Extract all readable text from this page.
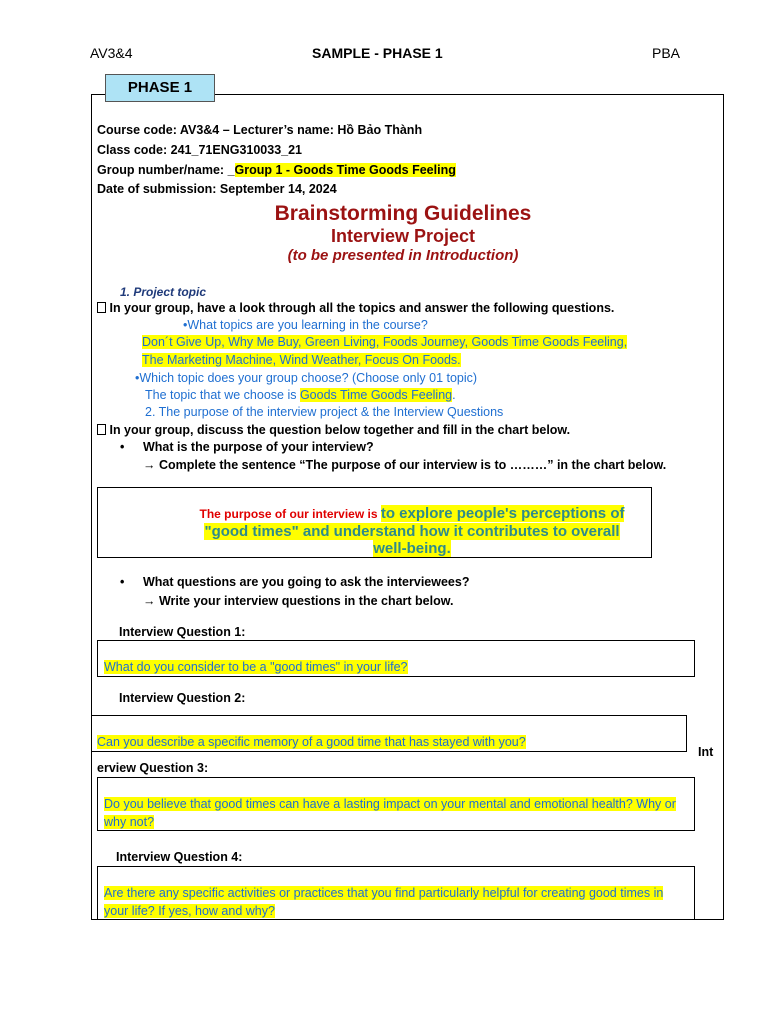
AV3&4	SAMPLE - PHASE 1	PBA
PHASE 1
Course code: AV3&4 – Lecturer’s name: Hồ Bảo Thành
Class code: 241_71ENG310033_21
Group number/name: _Group 1 - Goods Time Goods Feeling
Date of submission: September 14, 2024
Brainstorming Guidelines
Interview Project
(to be presented in Introduction)
1. Project topic
In your group, have a look through all the topics and answer the following questions.
•What topics are you learning in the course?
Don´t Give Up, Why Me Buy, Green Living, Foods Journey, Goods Time Goods Feeling,
The Marketing Machine, Wind Weather, Focus On Foods.
•Which topic does your group choose? (Choose only 01 topic)
The topic that we choose is Goods Time Goods Feeling.
2. The purpose of the interview project & the Interview Questions
In your group, discuss the question below together and fill in the chart below.
• What is the purpose of your interview?
→ Complete the sentence “The purpose of our interview is to ………” in the chart below.
The purpose of our interview is to explore people's perceptions of
"good times" and understand how it contributes to overall
well-being.
• What questions are you going to ask the interviewees?
→ Write your interview questions in the chart below.
Interview Question 1:
What do you consider to be a "good times" in your life?
Interview Question 2:
Can you describe a specific memory of a good time that has stayed with you?
Int
erview Question 3:
Do you believe that good times can have a lasting impact on your mental and emotional health? Why or
why not?
Interview Question 4:
Are there any specific activities or practices that you find particularly helpful for creating good times in
your life? If yes, how and why?
